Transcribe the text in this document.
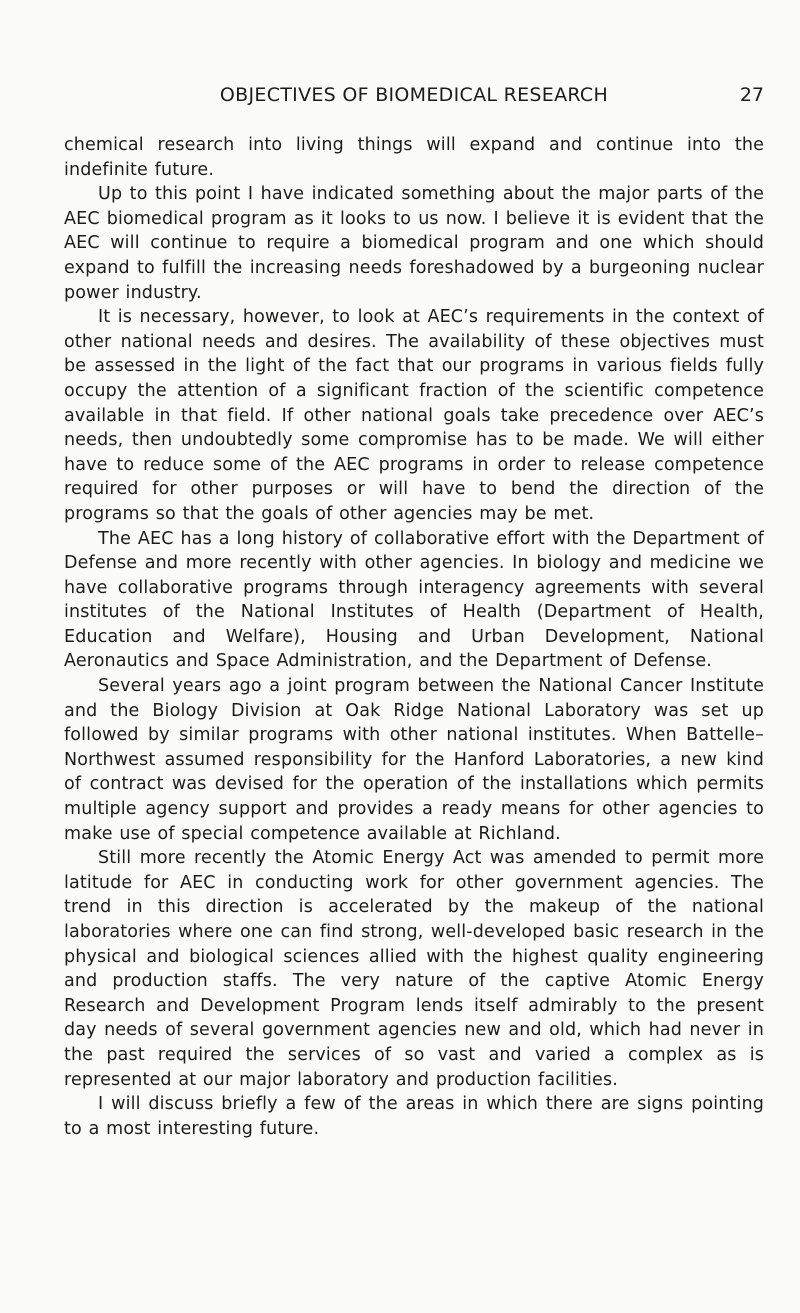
OBJECTIVES OF BIOMEDICAL RESEARCH	27

chemical research into living things will expand and continue into the indefinite future.

Up to this point I have indicated something about the major parts of the AEC biomedical program as it looks to us now. I believe it is evident that the AEC will continue to require a biomedical program and one which should expand to fulfill the increasing needs foreshadowed by a burgeoning nuclear power industry.

It is necessary, however, to look at AEC’s requirements in the context of other national needs and desires. The availability of these objectives must be assessed in the light of the fact that our programs in various fields fully occupy the attention of a significant fraction of the scientific competence available in that field. If other national goals take precedence over AEC’s needs, then undoubtedly some compromise has to be made. We will either have to reduce some of the AEC programs in order to release competence required for other purposes or will have to bend the direction of the programs so that the goals of other agencies may be met.

The AEC has a long history of collaborative effort with the Department of Defense and more recently with other agencies. In biology and medicine we have collaborative programs through interagency agreements with several institutes of the National Institutes of Health (Department of Health, Education and Welfare), Housing and Urban Development, National Aeronautics and Space Administration, and the Department of Defense.

Several years ago a joint program between the National Cancer Institute and the Biology Division at Oak Ridge National Laboratory was set up followed by similar programs with other national institutes. When Battelle–Northwest assumed responsibility for the Hanford Laboratories, a new kind of contract was devised for the operation of the installations which permits multiple agency support and provides a ready means for other agencies to make use of special competence available at Richland.

Still more recently the Atomic Energy Act was amended to permit more latitude for AEC in conducting work for other government agencies. The trend in this direction is accelerated by the makeup of the national laboratories where one can find strong, well-developed basic research in the physical and biological sciences allied with the highest quality engineering and production staffs. The very nature of the captive Atomic Energy Research and Development Program lends itself admirably to the present day needs of several government agencies new and old, which had never in the past required the services of so vast and varied a complex as is represented at our major laboratory and production facilities.

I will discuss briefly a few of the areas in which there are signs pointing to a most interesting future.
